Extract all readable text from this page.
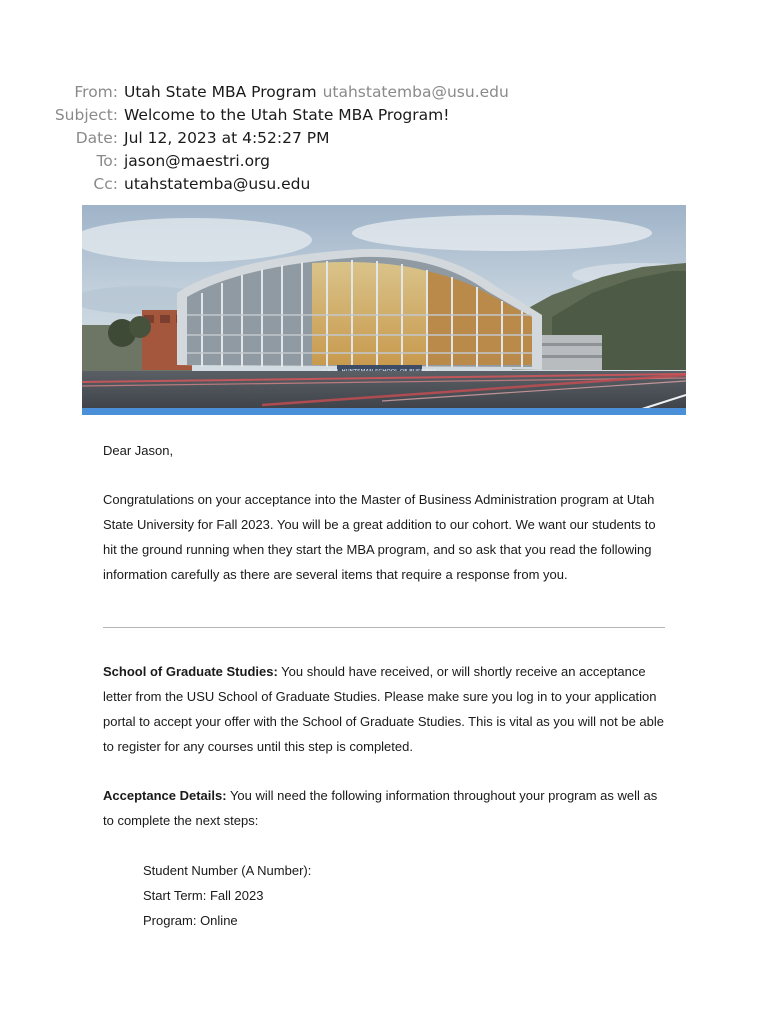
From: Utah State MBA Program utahstatemba@usu.edu
Subject: Welcome to the Utah State MBA Program!
Date: Jul 12, 2023 at 4:52:27 PM
To: jason@maestri.org
Cc: utahstatemba@usu.edu

Dear Jason,

Congratulations on your acceptance into the Master of Business Administration program at Utah State University for Fall 2023. You will be a great addition to our cohort. We want our students to hit the ground running when they start the MBA program, and so ask that you read the following information carefully as there are several items that require a response from you.

School of Graduate Studies: You should have received, or will shortly receive an acceptance letter from the USU School of Graduate Studies. Please make sure you log in to your application portal to accept your offer with the School of Graduate Studies. This is vital as you will not be able to register for any courses until this step is completed.

Acceptance Details: You will need the following information throughout your program as well as to complete the next steps:

Student Number (A Number):
Start Term: Fall 2023
Program: Online
